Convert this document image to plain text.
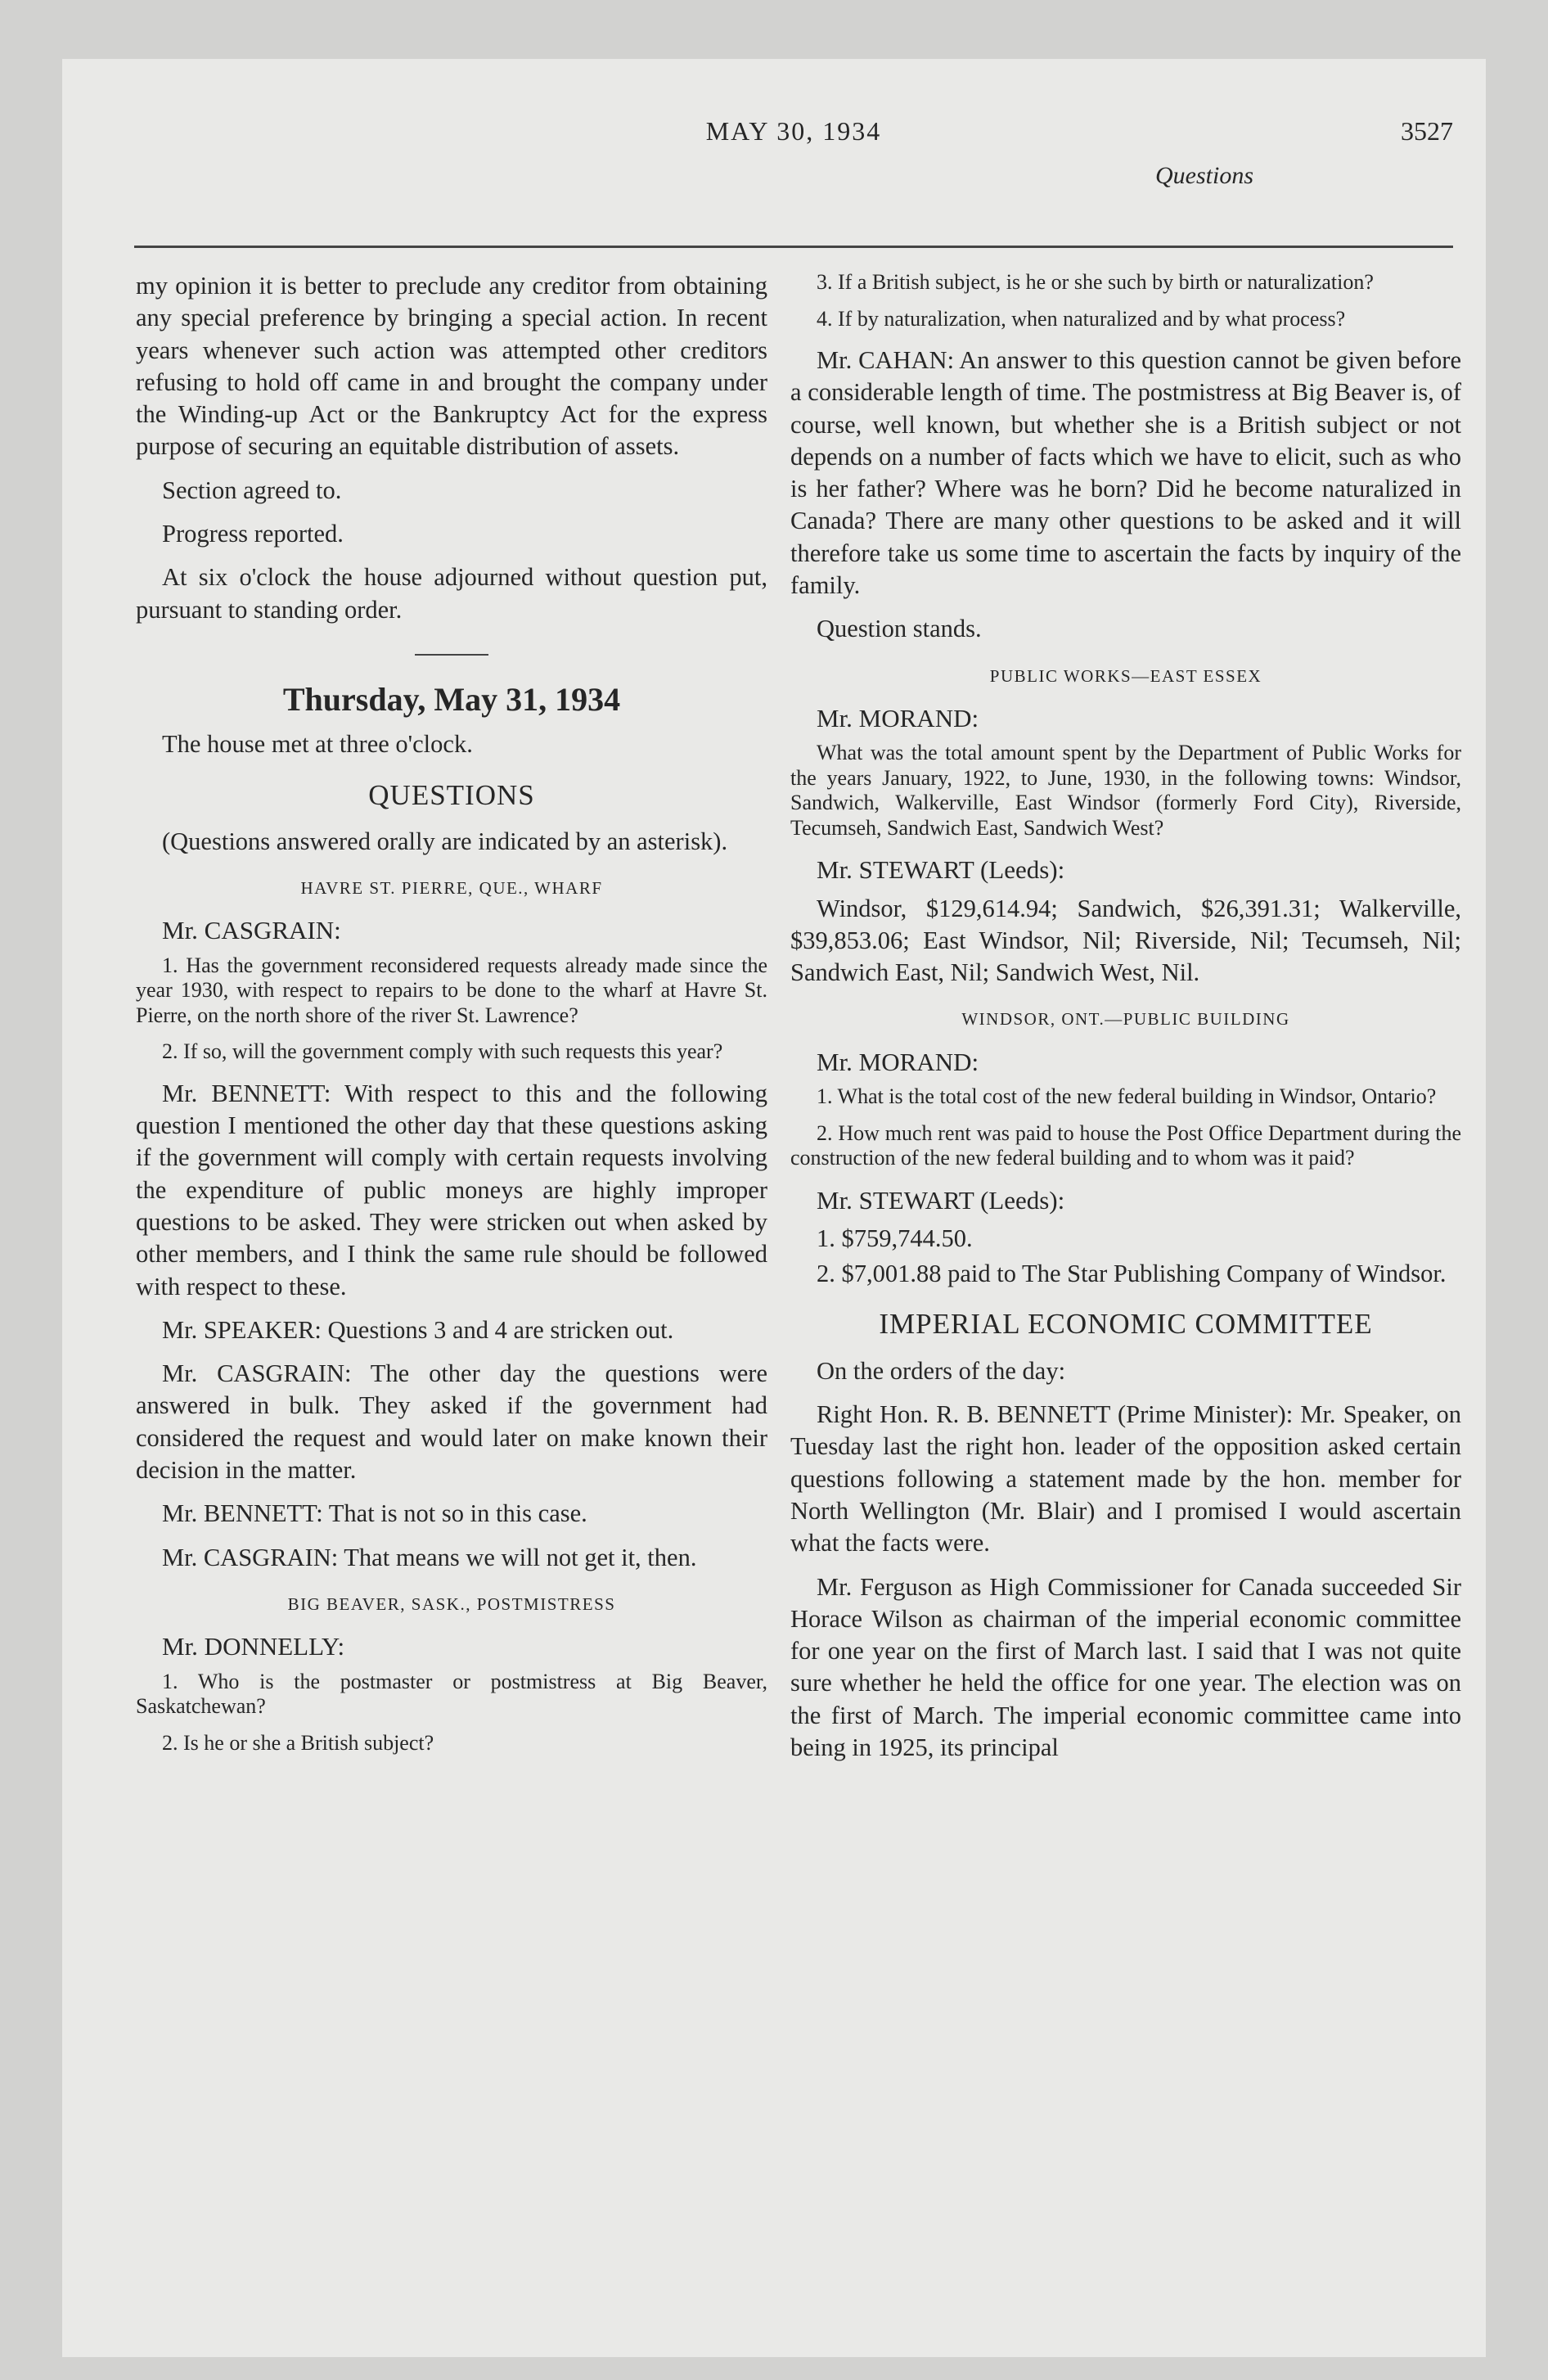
MAY 30, 1934	3527
Questions

my opinion it is better to preclude any creditor from obtaining any special preference by bringing a special action. In recent years whenever such action was attempted other creditors refusing to hold off came in and brought the company under the Winding-up Act or the Bankruptcy Act for the express purpose of securing an equitable distribution of assets.

Section agreed to.

Progress reported.

At six o'clock the house adjourned without question put, pursuant to standing order.

Thursday, May 31, 1934

The house met at three o'clock.

QUESTIONS

(Questions answered orally are indicated by an asterisk).

HAVRE ST. PIERRE, QUE., WHARF
Mr. CASGRAIN:

1. Has the government reconsidered requests already made since the year 1930, with respect to repairs to be done to the wharf at Havre St. Pierre, on the north shore of the river St. Lawrence?

2. If so, will the government comply with such requests this year?

Mr. BENNETT: With respect to this and the following question I mentioned the other day that these questions asking if the government will comply with certain requests involving the expenditure of public moneys are highly improper questions to be asked. They were stricken out when asked by other members, and I think the same rule should be followed with respect to these.

Mr. SPEAKER: Questions 3 and 4 are stricken out.

Mr. CASGRAIN: The other day the questions were answered in bulk. They asked if the government had considered the request and would later on make known their decision in the matter.

Mr. BENNETT: That is not so in this case.

Mr. CASGRAIN: That means we will not get it, then.

BIG BEAVER, SASK., POSTMISTRESS
Mr. DONNELLY:

1. Who is the postmaster or postmistress at Big Beaver, Saskatchewan?

2. Is he or she a British subject?

3. If a British subject, is he or she such by birth or naturalization?

4. If by naturalization, when naturalized and by what process?

Mr. CAHAN: An answer to this question cannot be given before a considerable length of time. The postmistress at Big Beaver is, of course, well known, but whether she is a British subject or not depends on a number of facts which we have to elicit, such as who is her father? Where was he born? Did he become naturalized in Canada? There are many other questions to be asked and it will therefore take us some time to ascertain the facts by inquiry of the family.

Question stands.

PUBLIC WORKS—EAST ESSEX
Mr. MORAND:

What was the total amount spent by the Department of Public Works for the years January, 1922, to June, 1930, in the following towns: Windsor, Sandwich, Walkerville, East Windsor (formerly Ford City), Riverside, Tecumseh, Sandwich East, Sandwich West?

Mr. STEWART (Leeds):

Windsor, $129,614.94; Sandwich, $26,391.31; Walkerville, $39,853.06; East Windsor, Nil; Riverside, Nil; Tecumseh, Nil; Sandwich East, Nil; Sandwich West, Nil.

WINDSOR, ONT.—PUBLIC BUILDING
Mr. MORAND:

1. What is the total cost of the new federal building in Windsor, Ontario?

2. How much rent was paid to house the Post Office Department during the construction of the new federal building and to whom was it paid?

Mr. STEWART (Leeds):

1. $759,744.50.

2. $7,001.88 paid to The Star Publishing Company of Windsor.

IMPERIAL ECONOMIC COMMITTEE

On the orders of the day:

Right Hon. R. B. BENNETT (Prime Minister): Mr. Speaker, on Tuesday last the right hon. leader of the opposition asked certain questions following a statement made by the hon. member for North Wellington (Mr. Blair) and I promised I would ascertain what the facts were.

Mr. Ferguson as High Commissioner for Canada succeeded Sir Horace Wilson as chairman of the imperial economic committee for one year on the first of March last. I said that I was not quite sure whether he held the office for one year. The election was on the first of March. The imperial economic committee came into being in 1925, its principal
